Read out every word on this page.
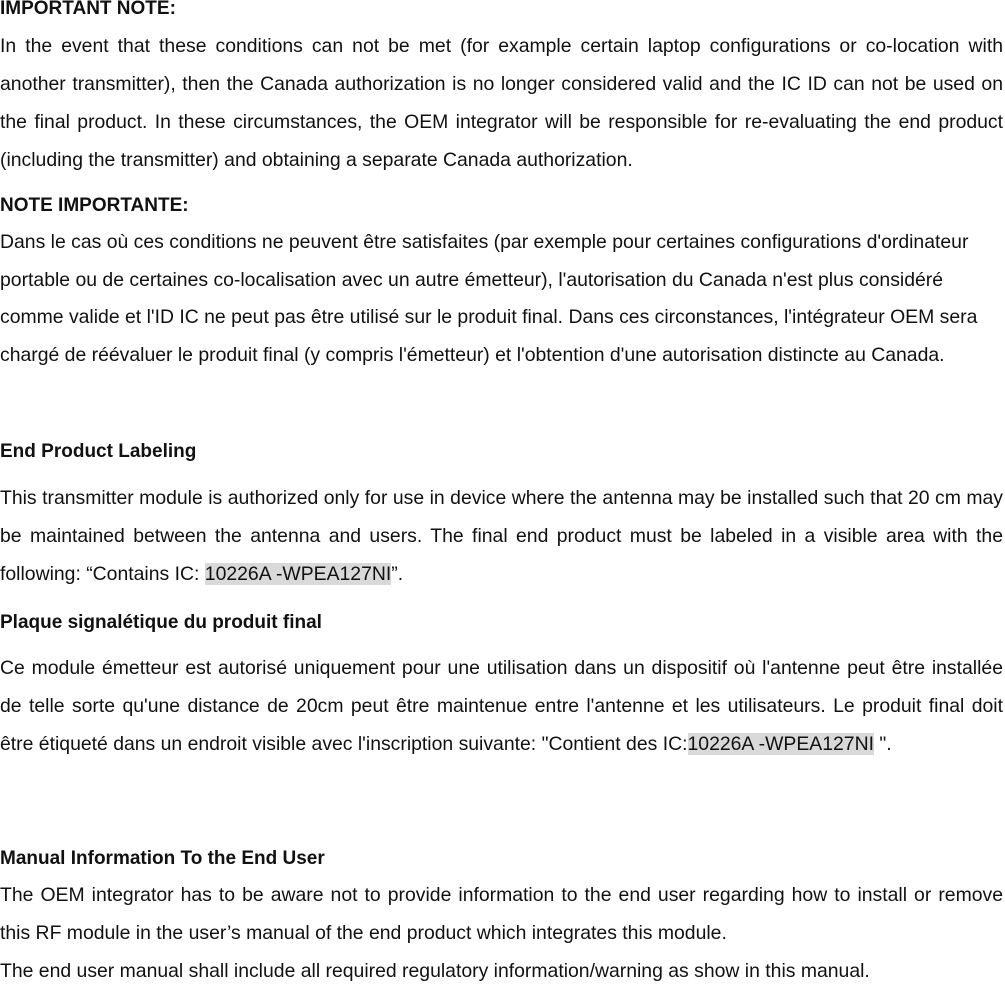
IMPORTANT NOTE:

In the event that these conditions can not be met (for example certain laptop configurations or co-location with another transmitter), then the Canada authorization is no longer considered valid and the IC ID can not be used on the final product. In these circumstances, the OEM integrator will be responsible for re-evaluating the end product (including the transmitter) and obtaining a separate Canada authorization.

NOTE IMPORTANTE:

Dans le cas où ces conditions ne peuvent être satisfaites (par exemple pour certaines configurations d'ordinateur portable ou de certaines co-localisation avec un autre émetteur), l'autorisation du Canada n'est plus considéré comme valide et l'ID IC ne peut pas être utilisé sur le produit final. Dans ces circonstances, l'intégrateur OEM sera chargé de réévaluer le produit final (y compris l'émetteur) et l'obtention d'une autorisation distincte au Canada.

End Product Labeling

This transmitter module is authorized only for use in device where the antenna may be installed such that 20 cm may be maintained between the antenna and users. The final end product must be labeled in a visible area with the following: “Contains IC: 10226A -WPEA127NI”.

Plaque signalétique du produit final

Ce module émetteur est autorisé uniquement pour une utilisation dans un dispositif où l'antenne peut être installée de telle sorte qu'une distance de 20cm peut être maintenue entre l'antenne et les utilisateurs. Le produit final doit être étiqueté dans un endroit visible avec l'inscription suivante: "Contient des IC:10226A -WPEA127NI ".

Manual Information To the End User

The OEM integrator has to be aware not to provide information to the end user regarding how to install or remove this RF module in the user’s manual of the end product which integrates this module.

The end user manual shall include all required regulatory information/warning as show in this manual.
